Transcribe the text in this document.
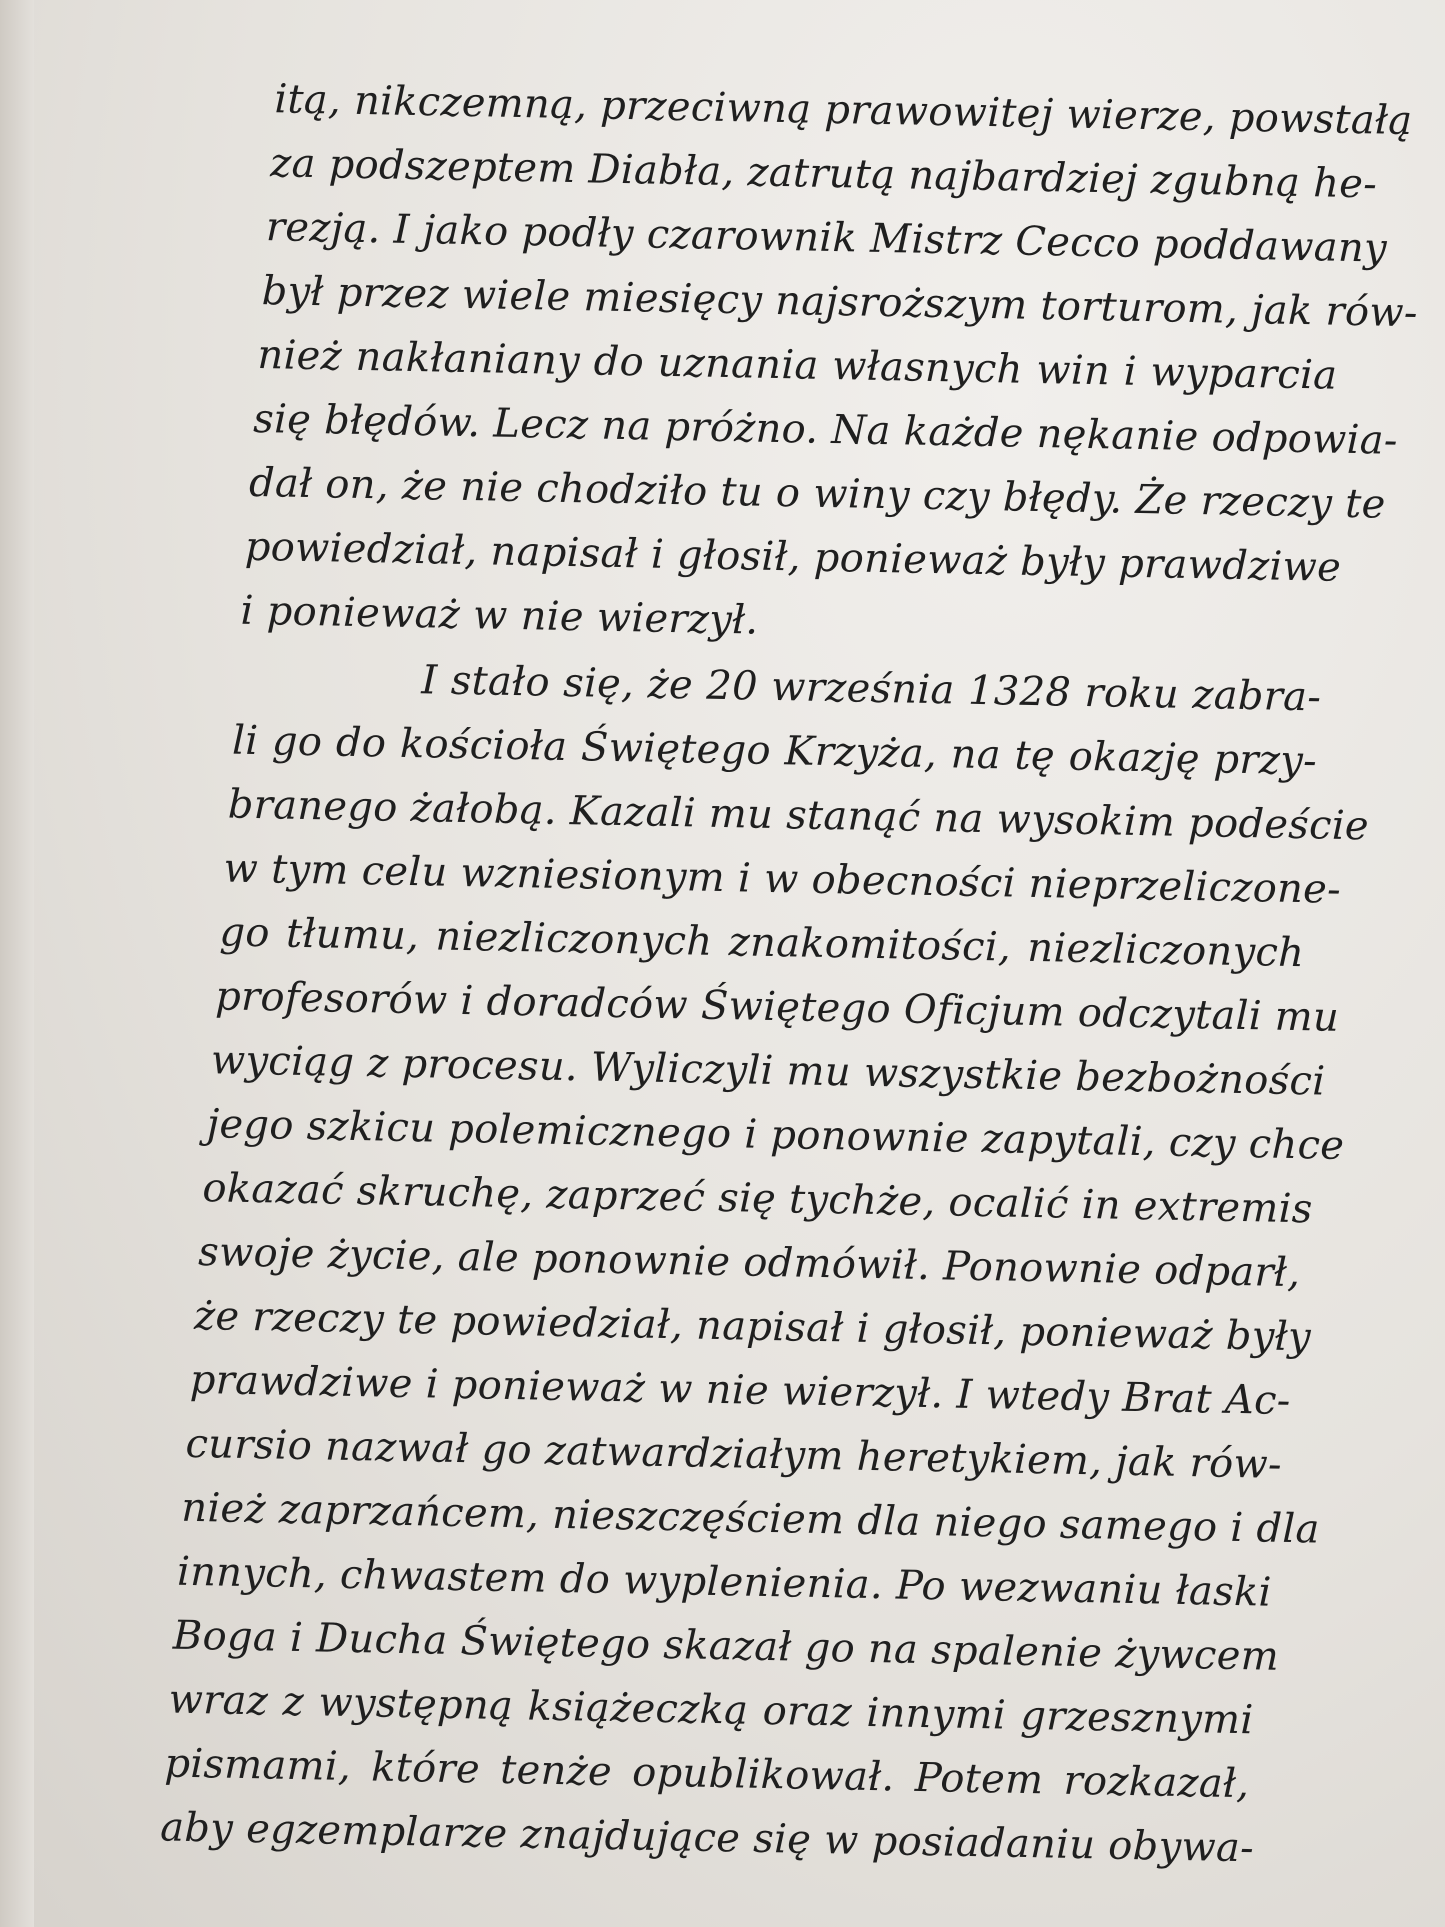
itą, nikczemną, przeciwną prawowitej wierze, powstałą
za podszeptem Diabła, zatrutą najbardziej zgubną he-
rezją. I jako podły czarownik Mistrz Cecco poddawany
był przez wiele miesięcy najsroższym torturom, jak rów-
nież nakłaniany do uznania własnych win i wyparcia
się błędów. Lecz na próżno. Na każde nękanie odpowia-
dał on, że nie chodziło tu o winy czy błędy. Że rzeczy te
powiedział, napisał i głosił, ponieważ były prawdziwe
i ponieważ w nie wierzył.
I stało się, że 20 września 1328 roku zabra-
li go do kościoła Świętego Krzyża, na tę okazję przy-
branego żałobą. Kazali mu stanąć na wysokim podeście
w tym celu wzniesionym i w obecności nieprzeliczone-
go tłumu, niezliczonych znakomitości, niezliczonych
profesorów i doradców Świętego Oficjum odczytali mu
wyciąg z procesu. Wyliczyli mu wszystkie bezbożności
jego szkicu polemicznego i ponownie zapytali, czy chce
okazać skruchę, zaprzeć się tychże, ocalić in extremis
swoje życie, ale ponownie odmówił. Ponownie odparł,
że rzeczy te powiedział, napisał i głosił, ponieważ były
prawdziwe i ponieważ w nie wierzył. I wtedy Brat Ac-
cursio nazwał go zatwardziałym heretykiem, jak rów-
nież zaprzańcem, nieszczęściem dla niego samego i dla
innych, chwastem do wyplenienia. Po wezwaniu łaski
Boga i Ducha Świętego skazał go na spalenie żywcem
wraz z występną książeczką oraz innymi grzesznymi
pismami, które tenże opublikował. Potem rozkazał,
aby egzemplarze znajdujące się w posiadaniu obywa-
